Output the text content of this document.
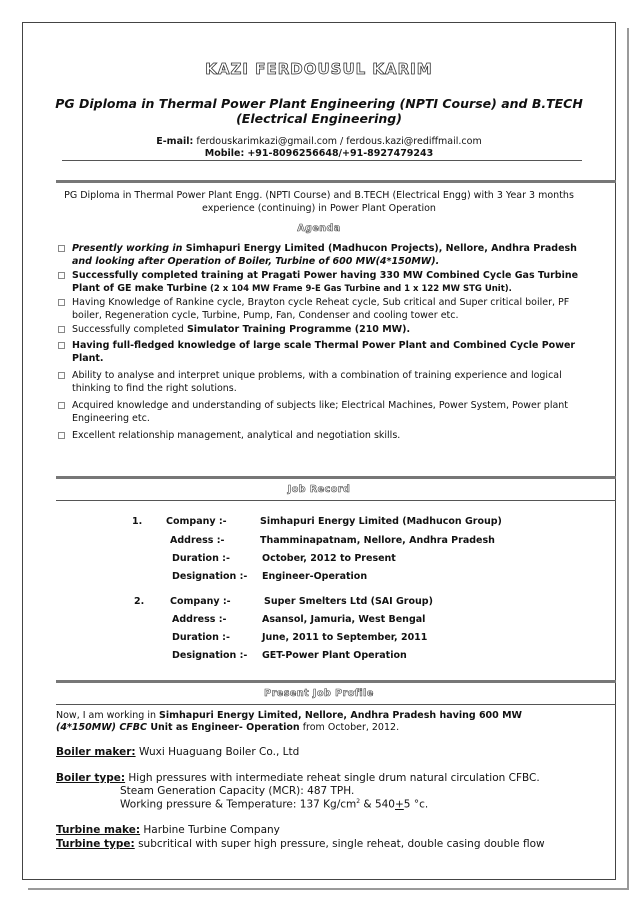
KAZI FERDOUSUL KARIM
PG Diploma in Thermal Power Plant Engineering (NPTI Course) and B.TECH
(Electrical Engineering)
E-mail: ferdouskarimkazi@gmail.com / ferdous.kazi@rediffmail.com
Mobile: +91-8096256648/+91-8927479243
PG Diploma in Thermal Power Plant Engg. (NPTI Course) and B.TECH (Electrical Engg) with 3 Year 3 months experience (continuing) in Power Plant Operation
Agenda
Presently working in Simhapuri Energy Limited (Madhucon Projects), Nellore, Andhra Pradesh and looking after Operation of Boiler, Turbine of 600 MW(4*150MW).
Successfully completed training at Pragati Power having 330 MW Combined Cycle Gas Turbine Plant of GE make Turbine (2 x 104 MW Frame 9-E Gas Turbine and 1 x 122 MW STG Unit).
Having Knowledge of Rankine cycle, Brayton cycle Reheat cycle, Sub critical and Super critical boiler, PF boiler, Regeneration cycle, Turbine, Pump, Fan, Condenser and cooling tower etc.
Successfully completed Simulator Training Programme (210 MW).
Having full-fledged knowledge of large scale Thermal Power Plant and Combined Cycle Power Plant.
Ability to analyse and interpret unique problems, with a combination of training experience and logical thinking to find the right solutions.
Acquired knowledge and understanding of subjects like; Electrical Machines, Power System, Power plant Engineering etc.
Excellent relationship management, analytical and negotiation skills.
Job Record
1.	Company :-	Simhapuri Energy Limited (Madhucon Group)
Address :-	Thamminapatnam, Nellore, Andhra Pradesh
Duration :-	October, 2012 to Present
Designation :- Engineer-Operation
2.	Company :-	Super Smelters Ltd (SAI Group)
Address :-	Asansol, Jamuria, West Bengal
Duration :-	June, 2011 to September, 2011
Designation :- GET-Power Plant Operation
Present Job Profile
Now, I am working in Simhapuri Energy Limited, Nellore, Andhra Pradesh having 600 MW
(4*150MW) CFBC Unit as Engineer- Operation from October, 2012.
Boiler maker: Wuxi Huaguang Boiler Co., Ltd
Boiler type: High pressures with intermediate reheat single drum natural circulation CFBC.
Steam Generation Capacity (MCR): 487 TPH.
Working pressure & Temperature: 137 $Kg/cm^2$ & 540+5 °c.
Turbine make: Harbine Turbine Company
Turbine type: subcritical with super high pressure, single reheat, double casing double flow
